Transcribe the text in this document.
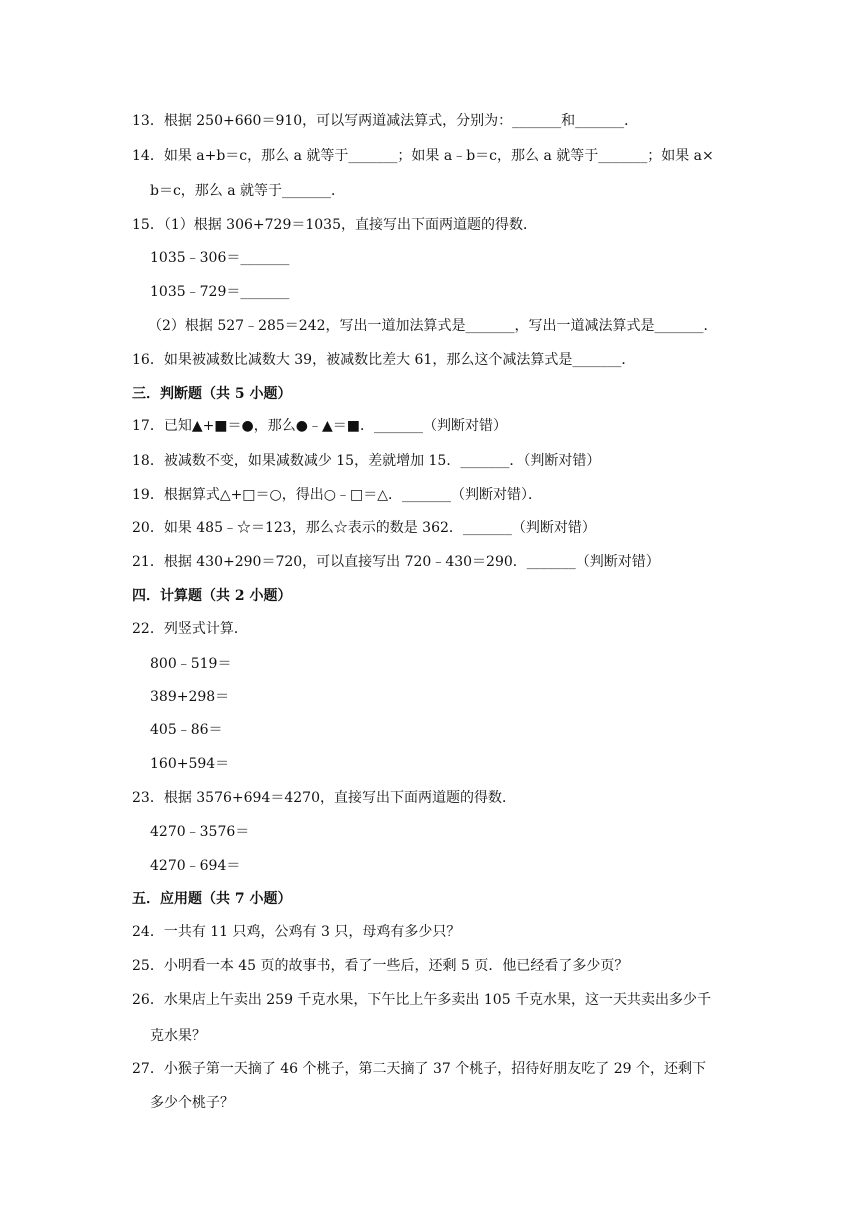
13．根据 250+660＝910，可以写两道减法算式，分别为：_______和_______．
14．如果 a+b＝c，那么 a 就等于_______；如果 a﹣b＝c，那么 a 就等于_______；如果 a×
b＝c，那么 a 就等于_______．
15．（1）根据 306+729＝1035，直接写出下面两道题的得数．
1035﹣306＝_______
1035﹣729＝_______
（2）根据 527﹣285＝242，写出一道加法算式是_______，写出一道减法算式是_______．
16．如果被减数比减数大 39，被减数比差大 61，那么这个减法算式是_______．
三．判断题（共 5 小题）
17．已知▲+■＝●，那么●﹣▲＝■．_______（判断对错）
18．被减数不变，如果减数减少 15，差就增加 15．_______．（判断对错）
19．根据算式△+□＝○，得出○﹣□＝△．_______（判断对错）．
20．如果 485﹣☆＝123，那么☆表示的数是 362．_______（判断对错）
21．根据 430+290＝720，可以直接写出 720﹣430＝290．_______（判断对错）
四．计算题（共 2 小题）
22．列竖式计算．
800﹣519＝
389+298＝
405﹣86＝
160+594＝
23．根据 3576+694＝4270，直接写出下面两道题的得数．
4270﹣3576＝
4270﹣694＝
五．应用题（共 7 小题）
24．一共有 11 只鸡，公鸡有 3 只，母鸡有多少只？
25．小明看一本 45 页的故事书，看了一些后，还剩 5 页．他已经看了多少页？
26．水果店上午卖出 259 千克水果，下午比上午多卖出 105 千克水果，这一天共卖出多少千
克水果？
27．小猴子第一天摘了 46 个桃子，第二天摘了 37 个桃子，招待好朋友吃了 29 个，还剩下
多少个桃子？
